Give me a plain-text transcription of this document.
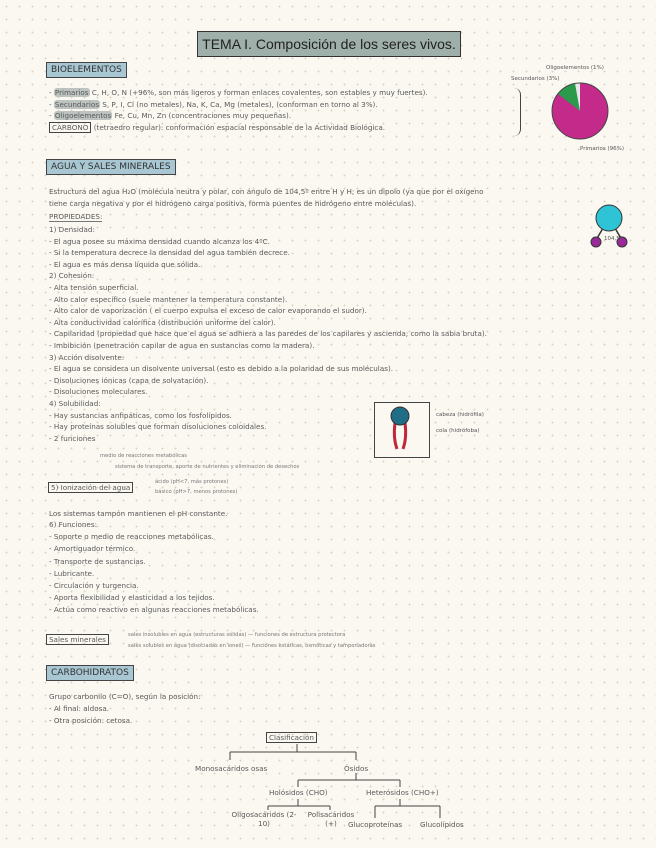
TEMA I. Composición de los seres vivos.
BIOELEMENTOS
- Primarios C, H, O, N (+96%, son más ligeros y forman enlaces covalentes, son estables y muy fuertes).
- Secundarios S, P, I, Cl (no metales), Na, K, Ca, Mg (metales), (conforman en torno al 3%).
- Oligoelementos Fe, Cu, Mn, Zn (concentraciones muy pequeñas).
CARBONO (tetraedro regular): conformación espacial responsable de la Actividad Biológica.
Oligoelementos (1%)
Secundarios (3%)
Primarios (96%)
AGUA Y SALES MINERALES
Estructura del agua H₂O (molécula neutra y polar, con ángulo de 104,5º entre H y H; es un dipolo (ya que por el oxígeno
tiene carga negativa y por el hidrógeno carga positiva, forma puentes de hidrógeno entre moléculas).
PROPIEDADES:
1) Densidad:
- El agua posee su máxima densidad cuando alcanza los 4ºC.
- Si la temperatura decrece la densidad del agua también decrece.
- El agua es más densa líquida que sólida.
2) Cohesión:
- Alta tensión superficial.
- Alto calor específico (suele mantener la temperatura constante).
- Alto calor de vaporización ( el cuerpo expulsa el exceso de calor evaporando el sudor).
- Alta conductividad calorífica (distribución uniforme del calor).
- Capilaridad (propiedad que hace que el agua se adhiera a las paredes de los capilares y ascienda; como la sabia bruta).
- Imbibición (penetración capilar de agua en sustancias como la madera).
3) Acción disolvente:
- El agua se considera un disolvente universal (esto es debido a la polaridad de sus moléculas).
- Disoluciones iónicas (capa de solvatación).
- Disoluciones moleculares.
4) Solubilidad:
- Hay sustancias anfipáticas, como los fosfolípidos.
- Hay proteínas solubles que forman disoluciones coloidales.
- 2 funciones
104,5º
medio de reacciones metabólicas
sistema de transporte, aporte de nutrientes y eliminación de desechos
cabeza (hidrófila)
cola (hidrófoba)
5) Ionización del agua
ácido (pH<7, más protones)
básico (pH>7, menos protones)
Los sistemas tampón mantienen el pH constante.
6) Funciones:
- Soporte o medio de reacciones metabólicas.
- Amortiguador térmico.
- Transporte de sustancias.
- Lubricante.
- Circulación y turgencia.
- Aporta flexibilidad y elasticidad a los tejidos.
- Actúa como reactivo en algunas reacciones metabólicas.
Sales minerales	sales insolubles en agua (estructuras sólidas) — funciones de estructura protectora
sales solubles en agua (disociadas en iones) — funciones estáticas, osmóticas y tamponadoras
CARBOHIDRATOS
Grupo carbonilo (C=O), según la posición:
- Al final: aldosa.
- Otra posición: cetosa.
Clasificación
Monosacáridos osas	Ósidos
Holósidos (CHO)	Heterósidos (CHO+)
Oligosacáridos (2-10)
Polisacáridos (+)	Glucoproteínas Glucolípidos
